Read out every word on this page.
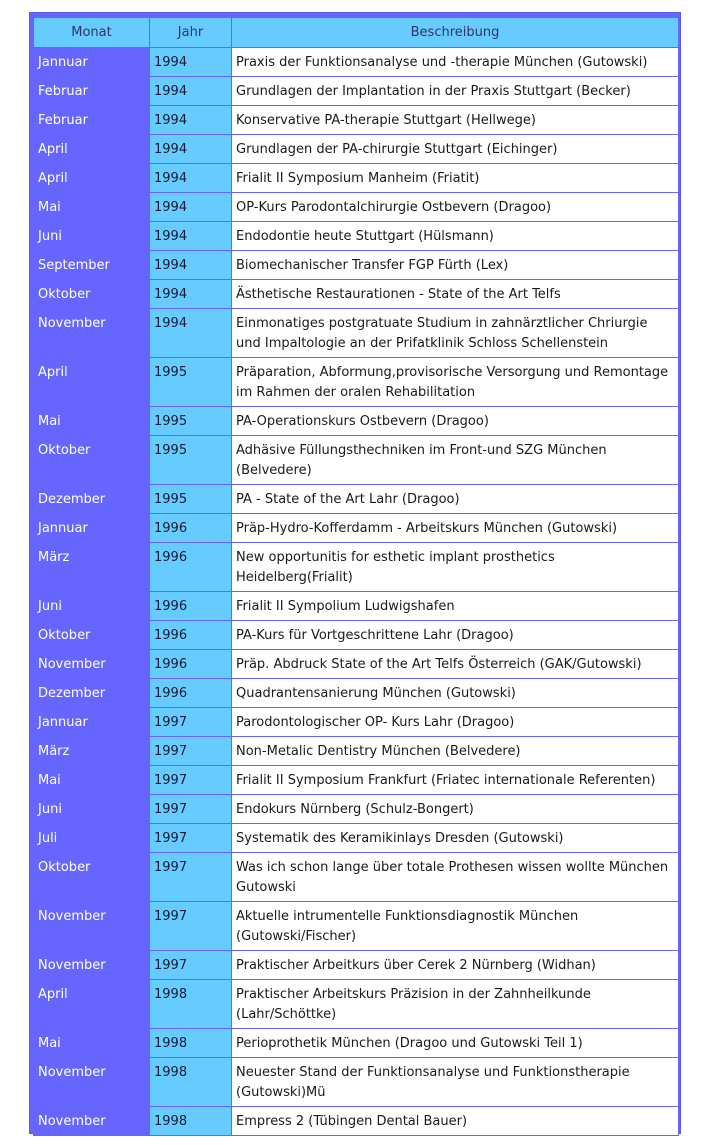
Monat	Jahr	Beschreibung
Jannuar	1994	Praxis der Funktionsanalyse und -therapie München (Gutowski)
Februar	1994	Grundlagen der Implantation in der Praxis Stuttgart (Becker)
Februar	1994	Konservative PA-therapie Stuttgart (Hellwege)
April	1994	Grundlagen der PA-chirurgie Stuttgart (Eichinger)
April	1994	Frialit II Symposium Manheim (Friatit)
Mai	1994	OP-Kurs Parodontalchirurgie Ostbevern (Dragoo)
Juni	1994	Endodontie heute Stuttgart (Hülsmann)
September	1994	Biomechanischer Transfer FGP Fürth (Lex)
Oktober	1994	Ästhetische Restaurationen - State of the Art Telfs
November	1994	Einmonatiges postgratuate Studium in zahnärztlicher Chriurgie und Impaltologie an der Prifatklinik Schloss Schellenstein
April	1995	Präparation, Abformung,provisorische Versorgung und Remontage im Rahmen der oralen Rehabilitation
Mai	1995	PA-Operationskurs Ostbevern (Dragoo)
Oktober	1995	Adhäsive Füllungsthechniken im Front-und SZG München (Belvedere)
Dezember	1995	PA - State of the Art Lahr (Dragoo)
Jannuar	1996	Präp-Hydro-Kofferdamm - Arbeitskurs München (Gutowski)
März	1996	New opportunitis for esthetic implant prosthetics Heidelberg(Frialit)
Juni	1996	Frialit II Sympolium Ludwigshafen
Oktober	1996	PA-Kurs für Vortgeschrittene Lahr (Dragoo)
November	1996	Präp. Abdruck State of the Art Telfs Österreich (GAK/Gutowski)
Dezember	1996	Quadrantensanierung München (Gutowski)
Jannuar	1997	Parodontologischer OP- Kurs Lahr (Dragoo)
März	1997	Non-Metalic Dentistry München (Belvedere)
Mai	1997	Frialit II Symposium Frankfurt (Friatec internationale Referenten)
Juni	1997	Endokurs Nürnberg (Schulz-Bongert)
Juli	1997	Systematik des Keramikinlays Dresden (Gutowski)
Oktober	1997	Was ich schon lange über totale Prothesen wissen wollte München Gutowski
November	1997	Aktuelle intrumentelle Funktionsdiagnostik München (Gutowski/Fischer)
November	1997	Praktischer Arbeitkurs über Cerek 2 Nürnberg (Widhan)
April	1998	Praktischer Arbeitskurs Präzision in der Zahnheilkunde (Lahr/Schöttke)
Mai	1998	Perioprothetik München (Dragoo und Gutowski Teil 1)
November	1998	Neuester Stand der Funktionsanalyse und Funktionstherapie (Gutowski)Mü
November	1998	Empress 2 (Tübingen Dental Bauer)
